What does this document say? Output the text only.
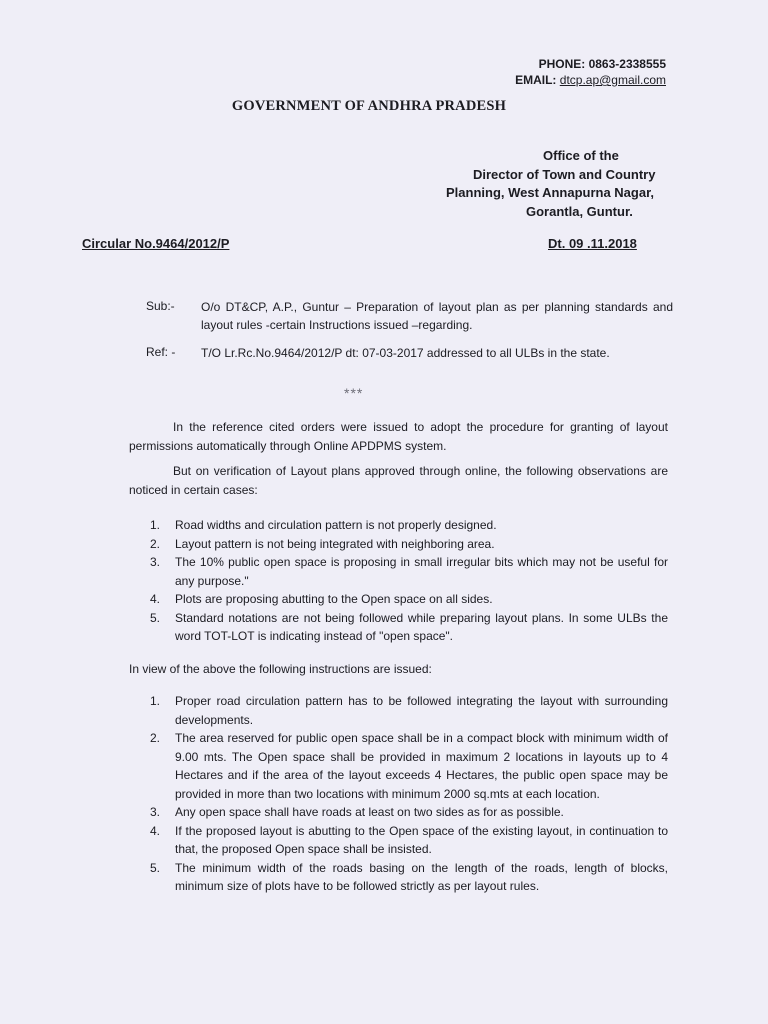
PHONE: 0863-2338555
EMAIL: dtcp.ap@gmail.com
GOVERNMENT OF ANDHRA PRADESH
Office of the
Director of Town and Country
Planning, West Annapurna Nagar,
Gorantla, Guntur.
Circular No.9464/2012/P	Dt. 09 .11.2018
Sub:- O/o DT&CP, A.P., Guntur – Preparation of layout plan as per planning standards and layout rules -certain Instructions issued –regarding.
Ref: - T/O Lr.Rc.No.9464/2012/P dt: 07-03-2017 addressed to all ULBs in the state.
***
In the reference cited orders were issued to adopt the procedure for granting of layout permissions automatically through Online APDPMS system.
But on verification of Layout plans approved through online, the following observations are noticed in certain cases:
1. Road widths and circulation pattern is not properly designed.
2. Layout pattern is not being integrated with neighboring area.
3. The 10% public open space is proposing in small irregular bits which may not be useful for any purpose."
4. Plots are proposing abutting to the Open space on all sides.
5. Standard notations are not being followed while preparing layout plans. In some ULBs the word TOT-LOT is indicating instead of "open space".
In view of the above the following instructions are issued:
1. Proper road circulation pattern has to be followed integrating the layout with surrounding developments.
2. The area reserved for public open space shall be in a compact block with minimum width of 9.00 mts. The Open space shall be provided in maximum 2 locations in layouts up to 4 Hectares and if the area of the layout exceeds 4 Hectares, the public open space may be provided in more than two locations with minimum 2000 sq.mts at each location.
3. Any open space shall have roads at least on two sides as for as possible.
4. If the proposed layout is abutting to the Open space of the existing layout, in continuation to that, the proposed Open space shall be insisted.
5. The minimum width of the roads basing on the length of the roads, length of blocks, minimum size of plots have to be followed strictly as per layout rules.
